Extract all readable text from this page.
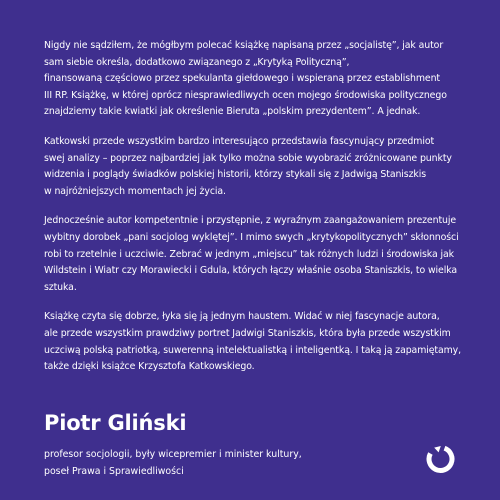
Nigdy nie sądziłem, że mógłbym polecać książkę napisaną przez „socjalistę”, jak autor
sam siebie określa, dodatkowo związanego z „Krytyką Polityczną”,
finansowaną częściowo przez spekulanta giełdowego i wspieraną przez establishment
III RP. Książkę, w której oprócz niesprawiedliwych ocen mojego środowiska politycznego
znajdziemy takie kwiatki jak określenie Bieruta „polskim prezydentem”. A jednak.

Katkowski przede wszystkim bardzo interesująco przedstawia fascynujący przedmiot
swej analizy – poprzez najbardziej jak tylko można sobie wyobrazić zróżnicowane punkty
widzenia i poglądy świadków polskiej historii, którzy stykali się z Jadwigą Staniszkis
w najróżniejszych momentach jej życia.

Jednocześnie autor kompetentnie i przystępnie, z wyraźnym zaangażowaniem prezentuje
wybitny dorobek „pani socjolog wyklętej”. I mimo swych „krytykopolitycznych” skłonności
robi to rzetelnie i uczciwie. Zebrać w jednym „miejscu” tak różnych ludzi i środowiska jak
Wildstein i Wiatr czy Morawiecki i Gdula, których łączy właśnie osoba Staniszkis, to wielka
sztuka.

Książkę czyta się dobrze, łyka się ją jednym haustem. Widać w niej fascynacje autora,
ale przede wszystkim prawdziwy portret Jadwigi Staniszkis, która była przede wszystkim
uczciwą polską patriotką, suwerenną intelektualistką i inteligentką. I taką ją zapamiętamy,
także dzięki książce Krzysztofa Katkowskiego.

Piotr Gliński

profesor socjologii, były wicepremier i minister kultury,
poseł Prawa i Sprawiedliwości
